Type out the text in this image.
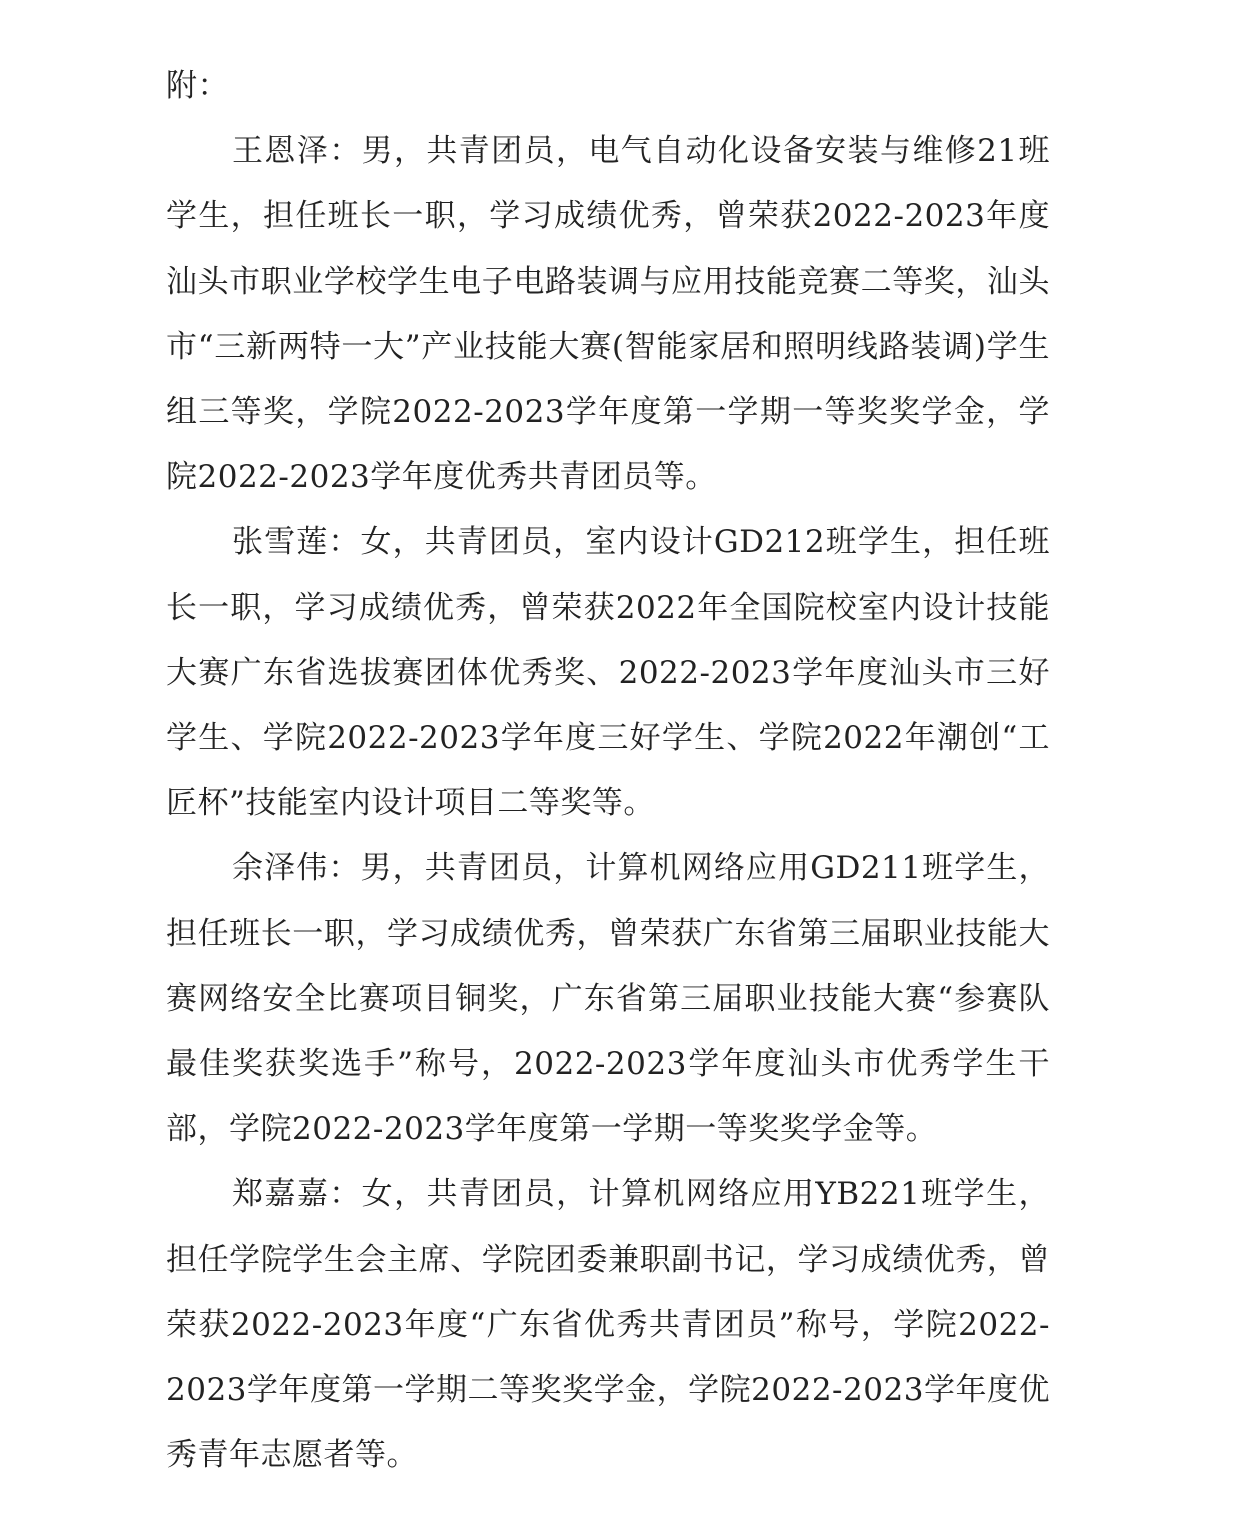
附：

王恩泽：男，共青团员，电气自动化设备安装与维修21班学生，担任班长一职，学习成绩优秀，曾荣获2022-2023年度汕头市职业学校学生电子电路装调与应用技能竞赛二等奖，汕头市“三新两特一大”产业技能大赛(智能家居和照明线路装调)学生组三等奖，学院2022-2023学年度第一学期一等奖奖学金，学院2022-2023学年度优秀共青团员等。

张雪莲：女，共青团员，室内设计GD212班学生，担任班长一职，学习成绩优秀，曾荣获2022年全国院校室内设计技能大赛广东省选拔赛团体优秀奖、2022-2023学年度汕头市三好学生、学院2022-2023学年度三好学生、学院2022年潮创“工匠杯”技能室内设计项目二等奖等。

余泽伟：男，共青团员，计算机网络应用GD211班学生，担任班长一职，学习成绩优秀，曾荣获广东省第三届职业技能大赛网络安全比赛项目铜奖，广东省第三届职业技能大赛“参赛队最佳奖获奖选手”称号，2022-2023学年度汕头市优秀学生干部，学院2022-2023学年度第一学期一等奖奖学金等。

郑嘉嘉：女，共青团员，计算机网络应用YB221班学生，担任学院学生会主席、学院团委兼职副书记，学习成绩优秀，曾荣获2022-2023年度“广东省优秀共青团员”称号，学院2022-2023学年度第一学期二等奖奖学金，学院2022-2023学年度优秀青年志愿者等。
